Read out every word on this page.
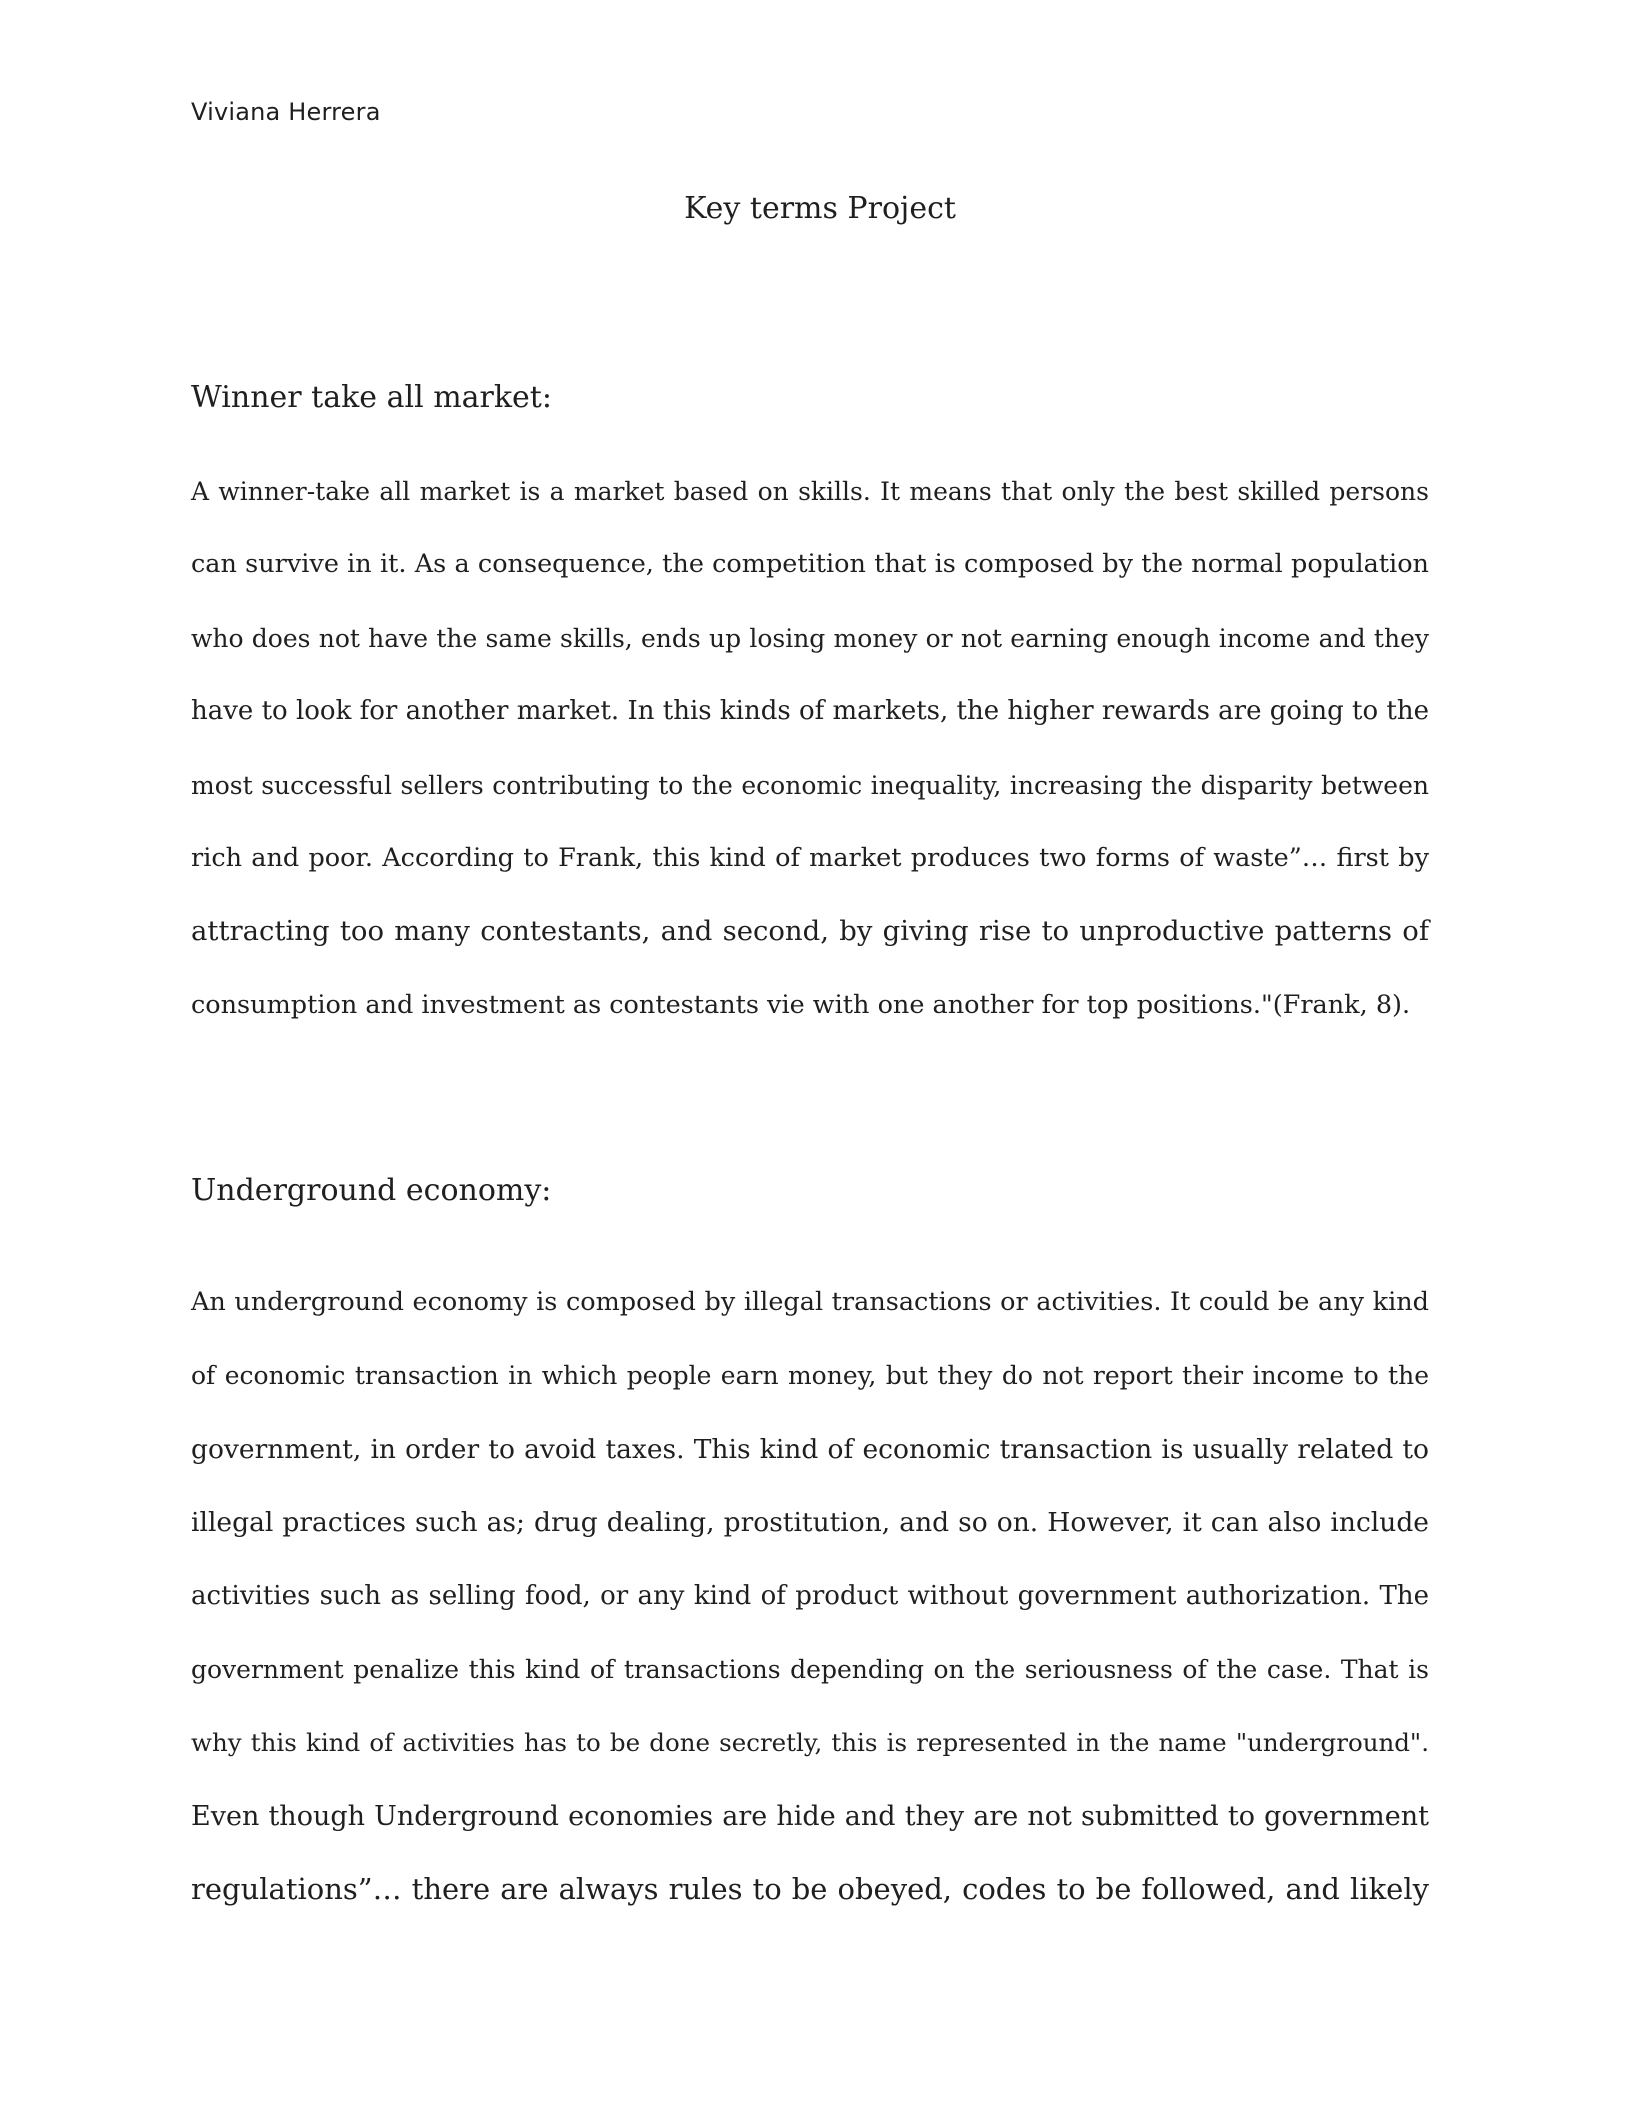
Viviana Herrera
Key terms Project
Winner take all market:
A winner-take all market is a market based on skills. It means that only the best skilled persons
can survive in it. As a consequence, the competition that is composed by the normal population
who does not have the same skills, ends up losing money or not earning enough income and they
have to look for another market. In this kinds of markets, the higher rewards are going to the
most successful sellers contributing to the economic inequality, increasing the disparity between
rich and poor. According to Frank, this kind of market produces two forms of waste”… first by
attracting too many contestants, and second, by giving rise to unproductive patterns of
consumption and investment as contestants vie with one another for top positions."(Frank, 8).
Underground economy:
An underground economy is composed by illegal transactions or activities. It could be any kind
of economic transaction in which people earn money, but they do not report their income to the
government, in order to avoid taxes. This kind of economic transaction is usually related to
illegal practices such as; drug dealing, prostitution, and so on. However, it can also include
activities such as selling food, or any kind of product without government authorization. The
government penalize this kind of transactions depending on the seriousness of the case. That is
why this kind of activities has to be done secretly, this is represented in the name "underground".
Even though Underground economies are hide and they are not submitted to government
regulations”… there are always rules to be obeyed, codes to be followed, and likely
